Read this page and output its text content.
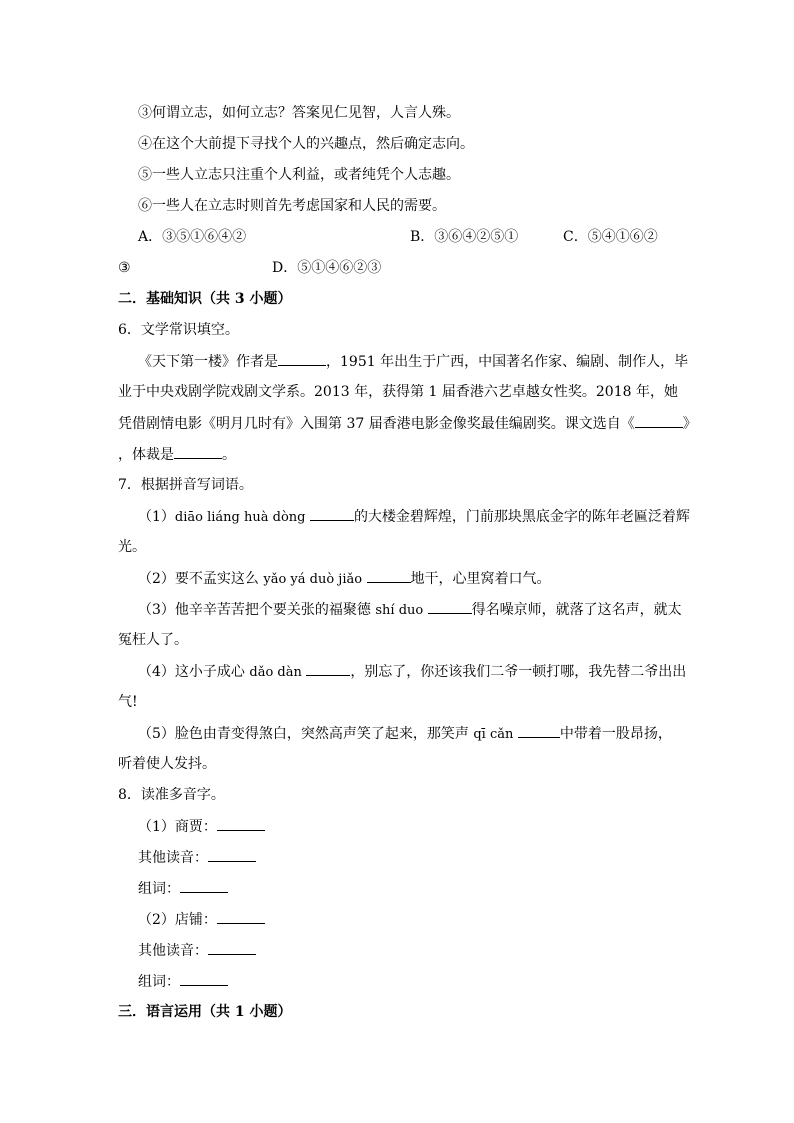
③何谓立志，如何立志？答案见仁见智，人言人殊。
④在这个大前提下寻找个人的兴趣点，然后确定志向。
⑤一些人立志只注重个人利益，或者纯凭个人志趣。
⑥一些人在立志时则首先考虑国家和人民的需要。
A．③⑤①⑥④②	B．③⑥④②⑤①	C．⑤④①⑥②
③	D．⑤①④⑥②③
二．基础知识（共 3 小题）
6．文学常识填空。
《天下第一楼》作者是	，1951 年出生于广西，中国著名作家、编剧、制作人，毕
业于中央戏剧学院戏剧文学系。2013 年，获得第 1 届香港六艺卓越女性奖。2018 年，她
凭借剧情电影《明月几时有》入围第 37 届香港电影金像奖最佳编剧奖。课文选自《	》
，体裁是	。
7．根据拼音写词语。
（1）diāo liáng huà dòng	的大楼金碧辉煌，门前那块黑底金字的陈年老匾泛着辉
光。
（2）要不孟实这么 yǎo yá duò jiǎo	地干，心里窝着口气。
（3）他辛辛苦苦把个要关张的福聚德 shí duo	得名噪京师，就落了这名声，就太
冤枉人了。
（4）这小子成心 dǎo dàn	，别忘了，你还该我们二爷一顿打哪，我先替二爷出出
气!
（5）脸色由青变得煞白，突然高声笑了起来，那笑声 qī cǎn	中带着一股昂扬，
听着使人发抖。
8．读准多音字。
（1）商贾：
其他读音：
组词：
（2）店铺：
其他读音：
组词：
三．语言运用（共 1 小题）
